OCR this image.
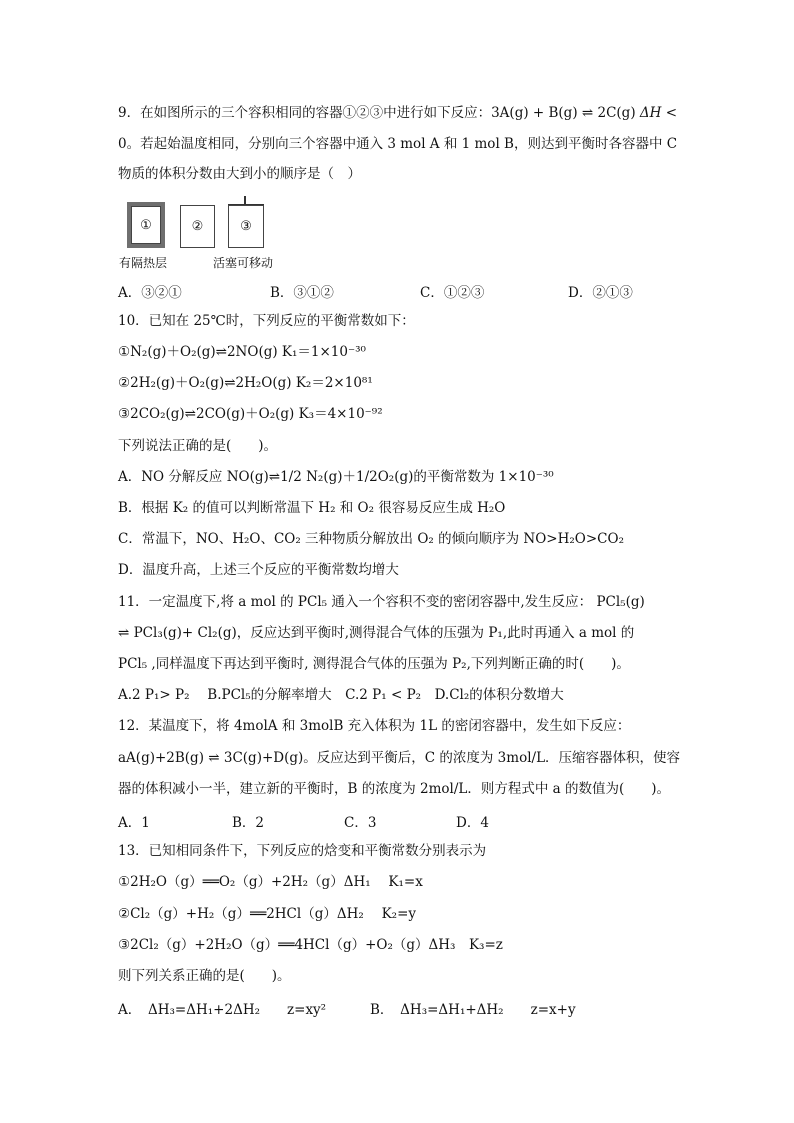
9．在如图所示的三个容积相同的容器①②③中进行如下反应：3A(g) + B(g) ⇌ 2C(g) ΔH <
0。若起始温度相同，分别向三个容器中通入 3 mol A 和 1 mol B，则达到平衡时各容器中 C
物质的体积分数由大到小的顺序是（　）
①	②	③
有隔热层	活塞可移动
A．③②①	B．③①②	C．①②③	D．②①③
10．已知在 25℃时，下列反应的平衡常数如下：
①N₂(g)＋O₂(g)⇌2NO(g) K₁＝1×10⁻³⁰
②2H₂(g)＋O₂(g)⇌2H₂O(g) K₂＝2×10⁸¹
③2CO₂(g)⇌2CO(g)＋O₂(g) K₃＝4×10⁻⁹²
下列说法正确的是(　　)。
A．NO 分解反应 NO(g)⇌1/2 N₂(g)＋1/2O₂(g)的平衡常数为 1×10⁻³⁰
B．根据 K₂ 的值可以判断常温下 H₂ 和 O₂ 很容易反应生成 H₂O
C．常温下，NO、H₂O、CO₂ 三种物质分解放出 O₂ 的倾向顺序为 NO>H₂O>CO₂
D．温度升高，上述三个反应的平衡常数均增大
11．一定温度下,将 a mol 的 PCl₅ 通入一个容积不变的密闭容器中,发生反应： PCl₅(g)
⇌ PCl₃(g)+ Cl₂(g)，反应达到平衡时,测得混合气体的压强为 P₁,此时再通入 a mol 的
PCl₅ ,同样温度下再达到平衡时, 测得混合气体的压强为 P₂,下列判断正确的时(　　)。
A.2 P₁> P₂　 B.PCl₅的分解率增大　C.2 P₁ < P₂　D.Cl₂的体积分数增大
12．某温度下，将 4molA 和 3molB 充入体积为 1L 的密闭容器中，发生如下反应：
aA(g)+2B(g) ⇌ 3C(g)+D(g)。反应达到平衡后，C 的浓度为 3mol/L．压缩容器体积，使容
器的体积减小一半，建立新的平衡时，B 的浓度为 2mol/L．则方程式中 a 的数值为(　　)。
A．1	B．2	C．3	D．4
13．已知相同条件下，下列反应的焓变和平衡常数分别表示为
①2H₂O（g）══O₂（g）+2H₂（g）ΔH₁　 K₁=x
②Cl₂（g）+H₂（g）══2HCl（g）ΔH₂　 K₂=y
③2Cl₂（g）+2H₂O（g）══4HCl（g）+O₂（g）ΔH₃　K₃=z
则下列关系正确的是(　　)。
A．　ΔH₃=ΔH₁+2ΔH₂　　z=xy²	B．　ΔH₃=ΔH₁+ΔH₂　　z=x+y
